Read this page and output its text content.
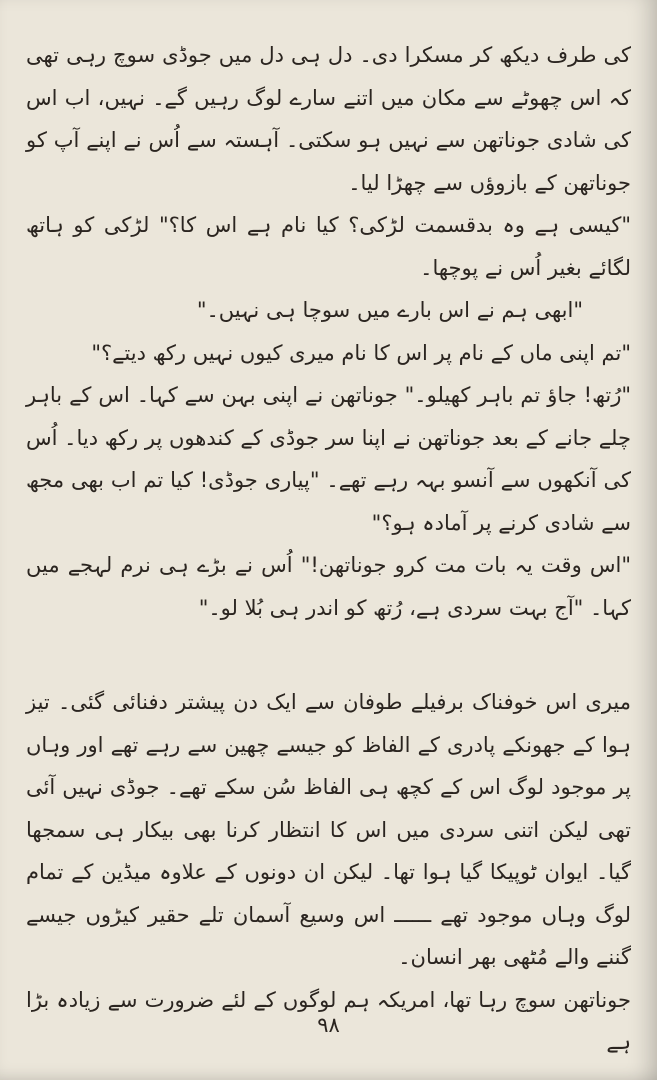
کی طرف دیکھ کر مسکرا دی۔ دل ہی دل میں جوڈی سوچ رہی تھی کہ اس چھوٹے سے مکان میں اتنے سارے لوگ رہیں گے۔ نہیں، اب اس کی شادی جوناتھن سے نہیں ہو سکتی۔ آہستہ سے اُس نے اپنے آپ کو جوناتھن کے بازوؤں سے چھڑا لیا۔

"کیسی ہے وہ بدقسمت لڑکی؟ کیا نام ہے اس کا؟" لڑکی کو ہاتھ لگائے بغیر اُس نے پوچھا۔

"ابھی ہم نے اس بارے میں سوچا ہی نہیں۔"

"تم اپنی ماں کے نام پر اس کا نام میری کیوں نہیں رکھ دیتے؟"

"رُتھ! جاؤ تم باہر کھیلو۔" جوناتھن نے اپنی بہن سے کہا۔ اس کے باہر چلے جانے کے بعد جوناتھن نے اپنا سر جوڈی کے کندھوں پر رکھ دیا۔ اُس کی آنکھوں سے آنسو بہہ رہے تھے۔ "پیاری جوڈی! کیا تم اب بھی مجھ سے شادی کرنے پر آمادہ ہو؟"

"اس وقت یہ بات مت کرو جوناتھن!" اُس نے بڑے ہی نرم لہجے میں کہا۔ "آج بہت سردی ہے، رُتھ کو اندر ہی بُلا لو۔"

میری اس خوفناک برفیلے طوفان سے ایک دن پیشتر دفنائی گئی۔ تیز ہوا کے جھونکے پادری کے الفاظ کو جیسے چھین سے رہے تھے اور وہاں پر موجود لوگ اس کے کچھ ہی الفاظ سُن سکے تھے۔ جوڈی نہیں آئی تھی لیکن اتنی سردی میں اس کا انتظار کرنا بھی بیکار ہی سمجھا گیا۔ ایوان ٹوپیکا گیا ہوا تھا۔ لیکن ان دونوں کے علاوہ میڈین کے تمام لوگ وہاں موجود تھے ــــــ اس وسیع آسمان تلے حقیر کیڑوں جیسے گننے والے مُٹھی بھر انسان۔

جوناتھن سوچ رہا تھا، امریکہ ہم لوگوں کے لئے ضرورت سے زیادہ بڑا ہے

۹۸
